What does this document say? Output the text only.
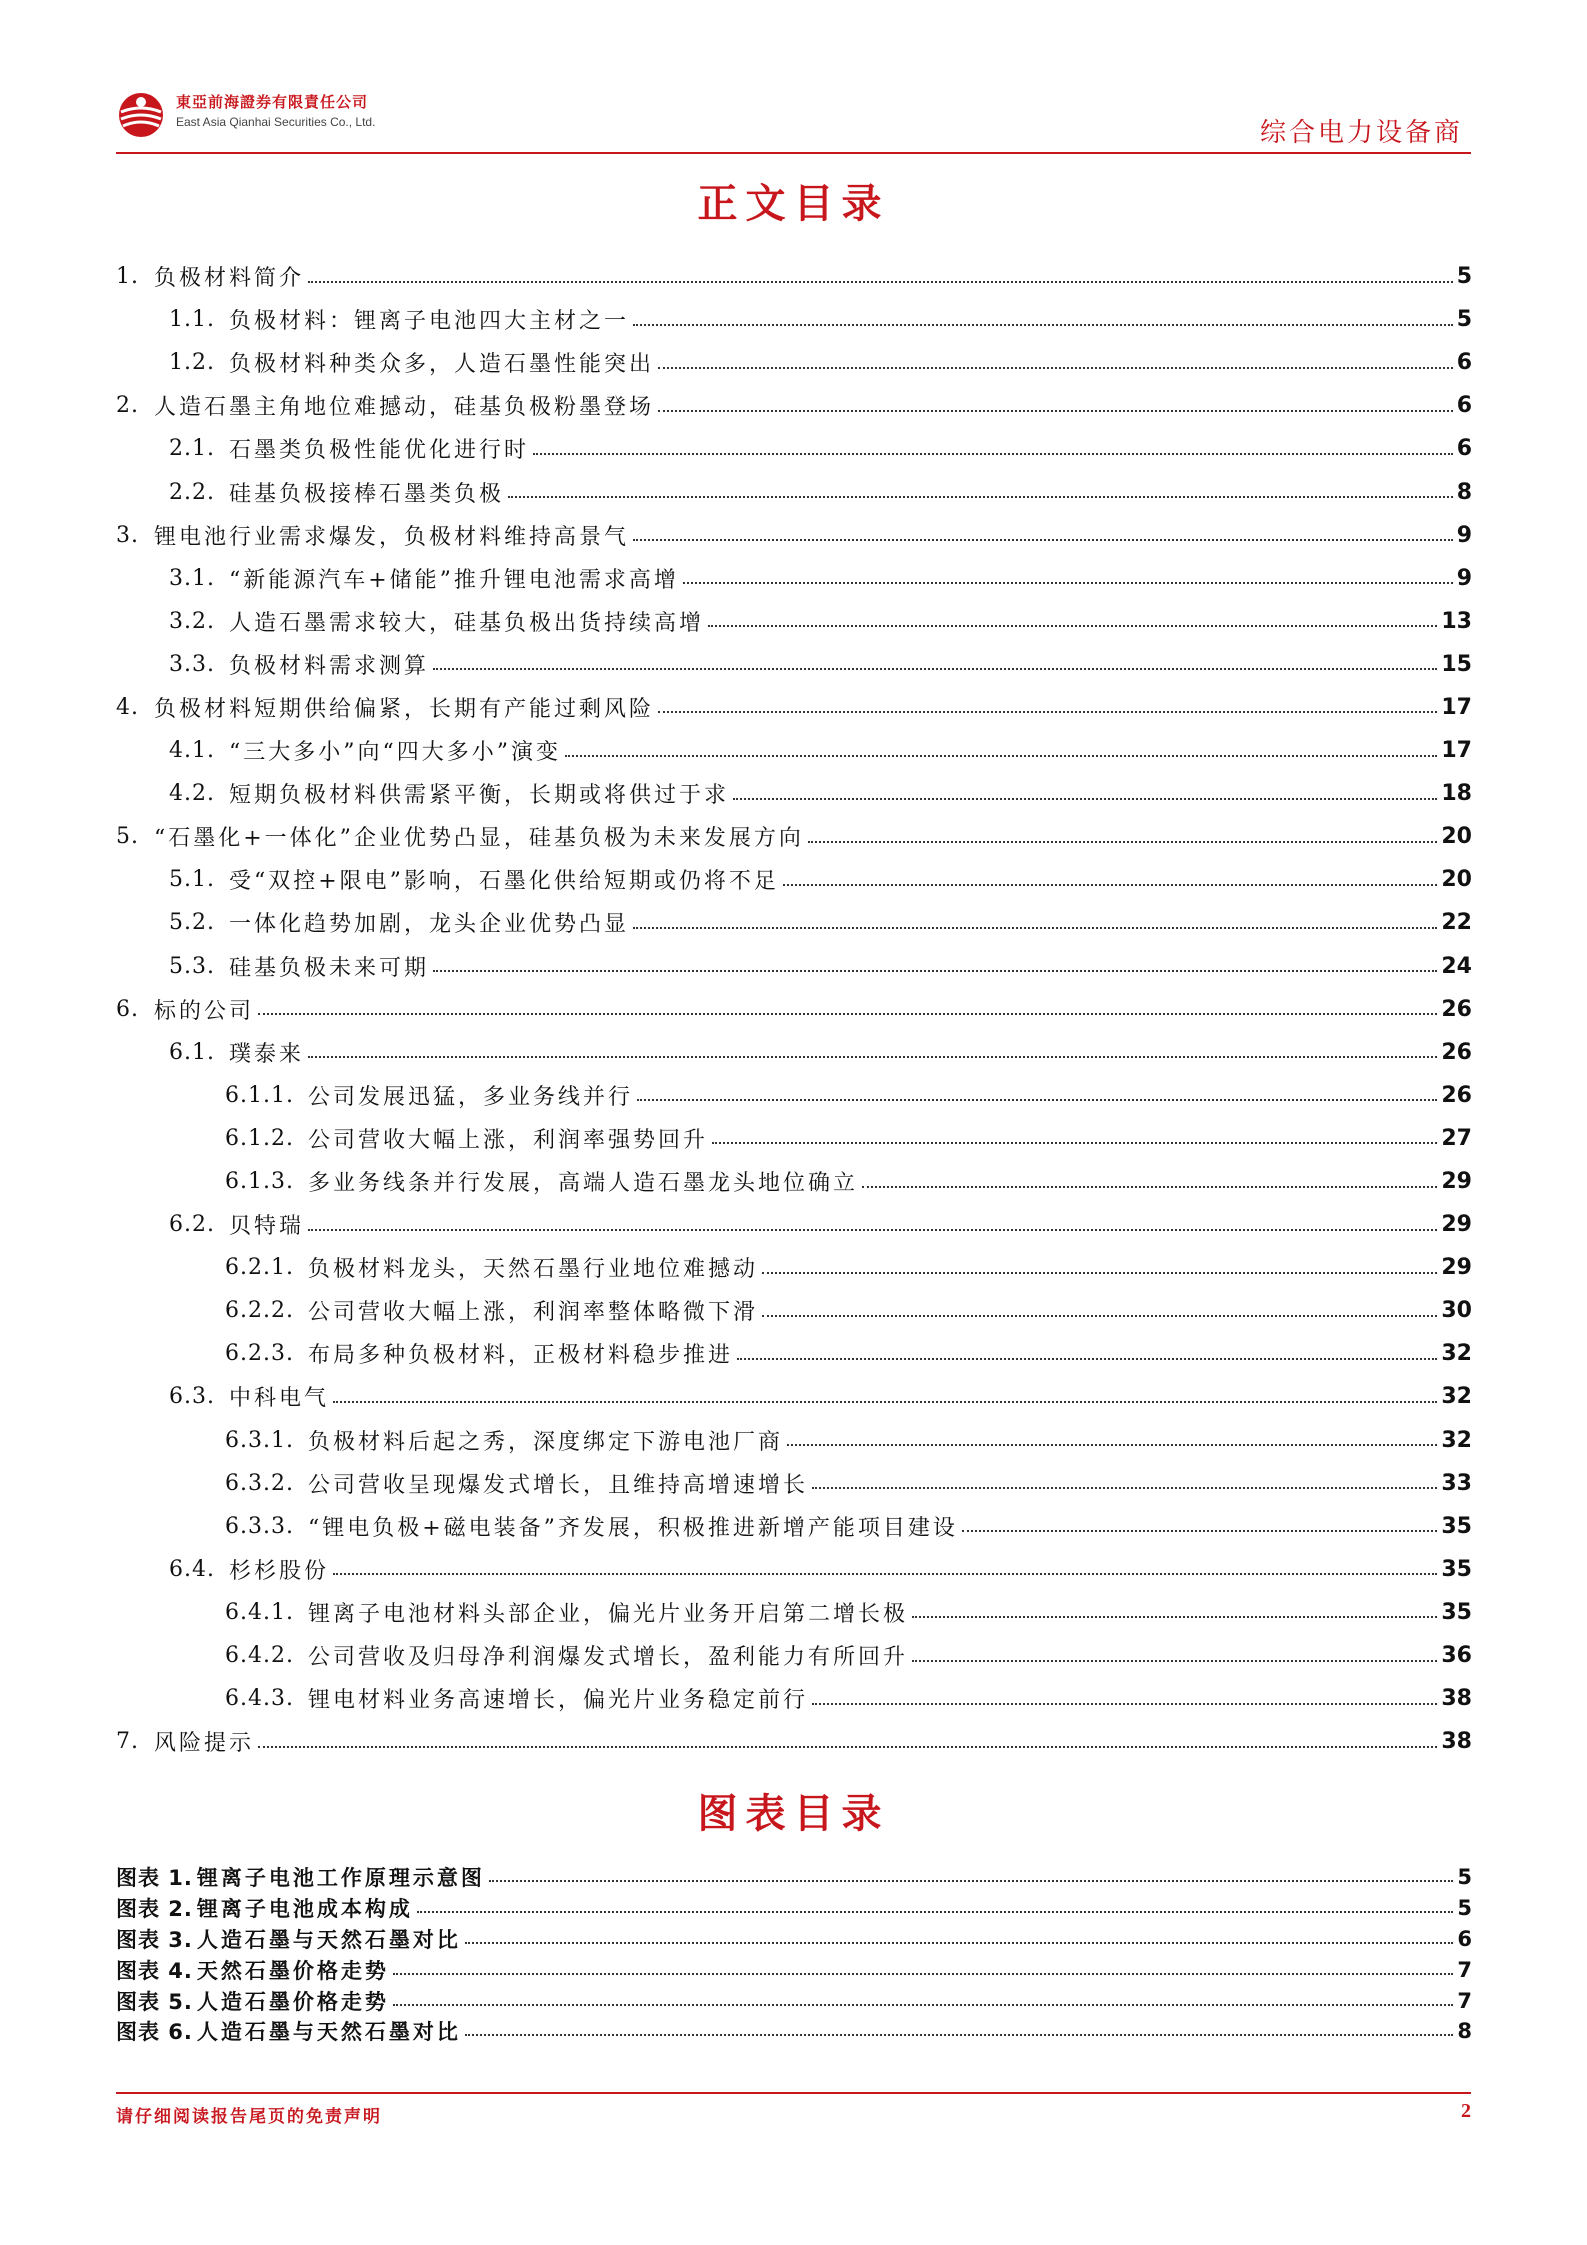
東亞前海證券有限責任公司
East Asia Qianhai Securities Co., Ltd.	综合电力设备商
正文目录
1. 负极材料简介	5
1.1. 负极材料：锂离子电池四大主材之一	5
1.2. 负极材料种类众多，人造石墨性能突出	6
2. 人造石墨主角地位难撼动，硅基负极粉墨登场	6
2.1. 石墨类负极性能优化进行时	6
2.2. 硅基负极接棒石墨类负极	8
3. 锂电池行业需求爆发，负极材料维持高景气	9
3.1. “新能源汽车+储能”推升锂电池需求高增	9
3.2. 人造石墨需求较大，硅基负极出货持续高增	13
3.3. 负极材料需求测算	15
4. 负极材料短期供给偏紧，长期有产能过剩风险	17
4.1. “三大多小”向“四大多小”演变	17
4.2. 短期负极材料供需紧平衡，长期或将供过于求	18
5. “石墨化+一体化”企业优势凸显，硅基负极为未来发展方向	20
5.1. 受“双控+限电”影响，石墨化供给短期或仍将不足	20
5.2. 一体化趋势加剧，龙头企业优势凸显	22
5.3. 硅基负极未来可期	24
6. 标的公司	26
6.1. 璞泰来	26
6.1.1. 公司发展迅猛，多业务线并行	26
6.1.2. 公司营收大幅上涨，利润率强势回升	27
6.1.3. 多业务线条并行发展，高端人造石墨龙头地位确立	29
6.2. 贝特瑞	29
6.2.1. 负极材料龙头，天然石墨行业地位难撼动	29
6.2.2. 公司营收大幅上涨，利润率整体略微下滑	30
6.2.3. 布局多种负极材料，正极材料稳步推进	32
6.3. 中科电气	32
6.3.1. 负极材料后起之秀，深度绑定下游电池厂商	32
6.3.2. 公司营收呈现爆发式增长，且维持高增速增长	33
6.3.3. “锂电负极+磁电装备”齐发展，积极推进新增产能项目建设	35
6.4. 杉杉股份	35
6.4.1. 锂离子电池材料头部企业，偏光片业务开启第二增长极	35
6.4.2. 公司营收及归母净利润爆发式增长，盈利能力有所回升	36
6.4.3. 锂电材料业务高速增长，偏光片业务稳定前行	38
7. 风险提示	38
图表目录
图表 1. 锂离子电池工作原理示意图	5
图表 2. 锂离子电池成本构成	5
图表 3. 人造石墨与天然石墨对比	6
图表 4. 天然石墨价格走势	7
图表 5. 人造石墨价格走势	7
图表 6. 人造石墨与天然石墨对比	8
请仔细阅读报告尾页的免责声明	2
